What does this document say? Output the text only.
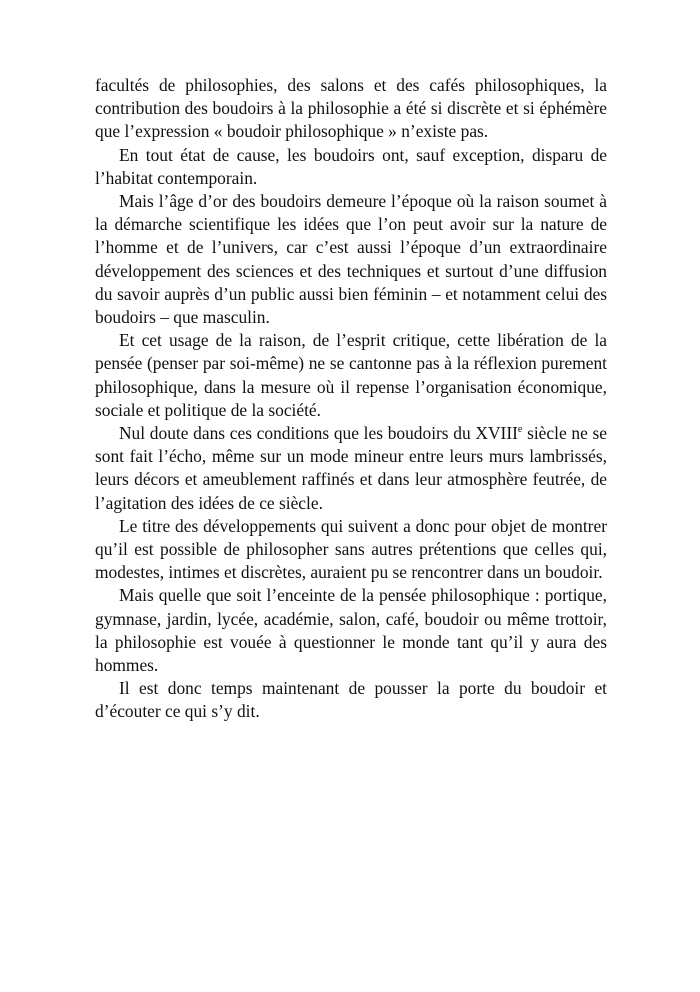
facultés de philosophies, des salons et des cafés philosophiques, la contribution des boudoirs à la philosophie a été si discrète et si éphémère que l’expression « boudoir philosophique » n’existe pas.

En tout état de cause, les boudoirs ont, sauf exception, disparu de l’habitat contemporain.

Mais l’âge d’or des boudoirs demeure l’époque où la raison soumet à la démarche scientifique les idées que l’on peut avoir sur la nature de l’homme et de l’univers, car c’est aussi l’époque d’un extraordinaire développement des sciences et des techniques et surtout d’une diffusion du savoir auprès d’un public aussi bien féminin – et notamment celui des boudoirs – que masculin.

Et cet usage de la raison, de l’esprit critique, cette libération de la pensée (penser par soi-même) ne se cantonne pas à la réflexion purement philosophique, dans la mesure où il repense l’organisation économique, sociale et politique de la société.

Nul doute dans ces conditions que les boudoirs du XVIIIe siècle ne se sont fait l’écho, même sur un mode mineur entre leurs murs lambrissés, leurs décors et ameublement raffinés et dans leur atmosphère feutrée, de l’agitation des idées de ce siècle.

Le titre des développements qui suivent a donc pour objet de montrer qu’il est possible de philosopher sans autres prétentions que celles qui, modestes, intimes et discrètes, auraient pu se rencontrer dans un boudoir.

Mais quelle que soit l’enceinte de la pensée philosophique : portique, gymnase, jardin, lycée, académie, salon, café, boudoir ou même trottoir, la philosophie est vouée à questionner le monde tant qu’il y aura des hommes.

Il est donc temps maintenant de pousser la porte du boudoir et d’écouter ce qui s’y dit.
